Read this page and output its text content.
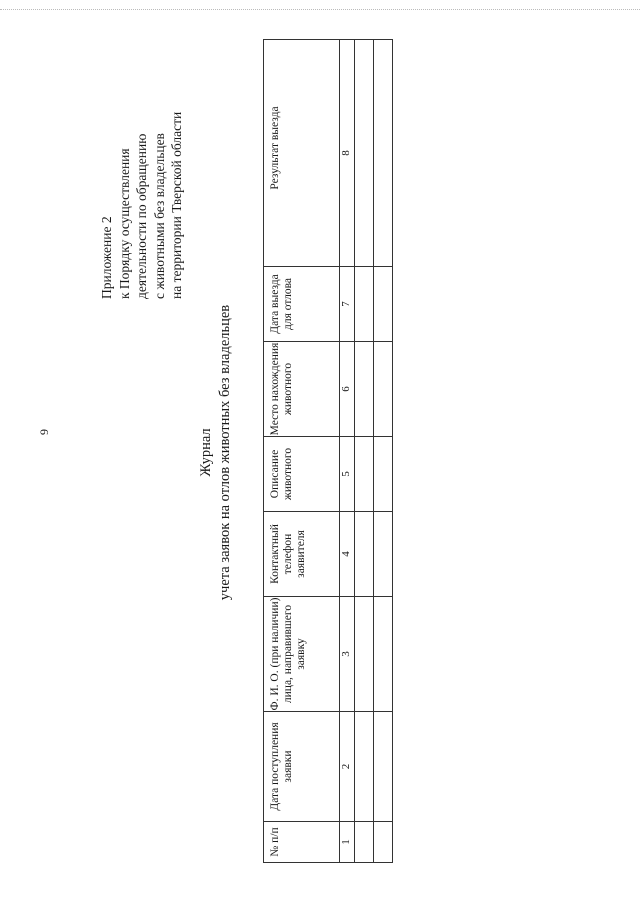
9
Приложение 2 к Порядку осуществления деятельности по обращению с животными без владельцев на территории Тверской области
Журнал учета заявок на отлов животных без владельцев
№ п/п	Дата поступления заявки	Ф. И. О. (при наличии) лица, направившего заявку	Контактный телефон заявителя	Описание животного	Место нахождения животного	Дата выезда для отлова	Результат выезда
1	2	3	4	5	6	7	8
